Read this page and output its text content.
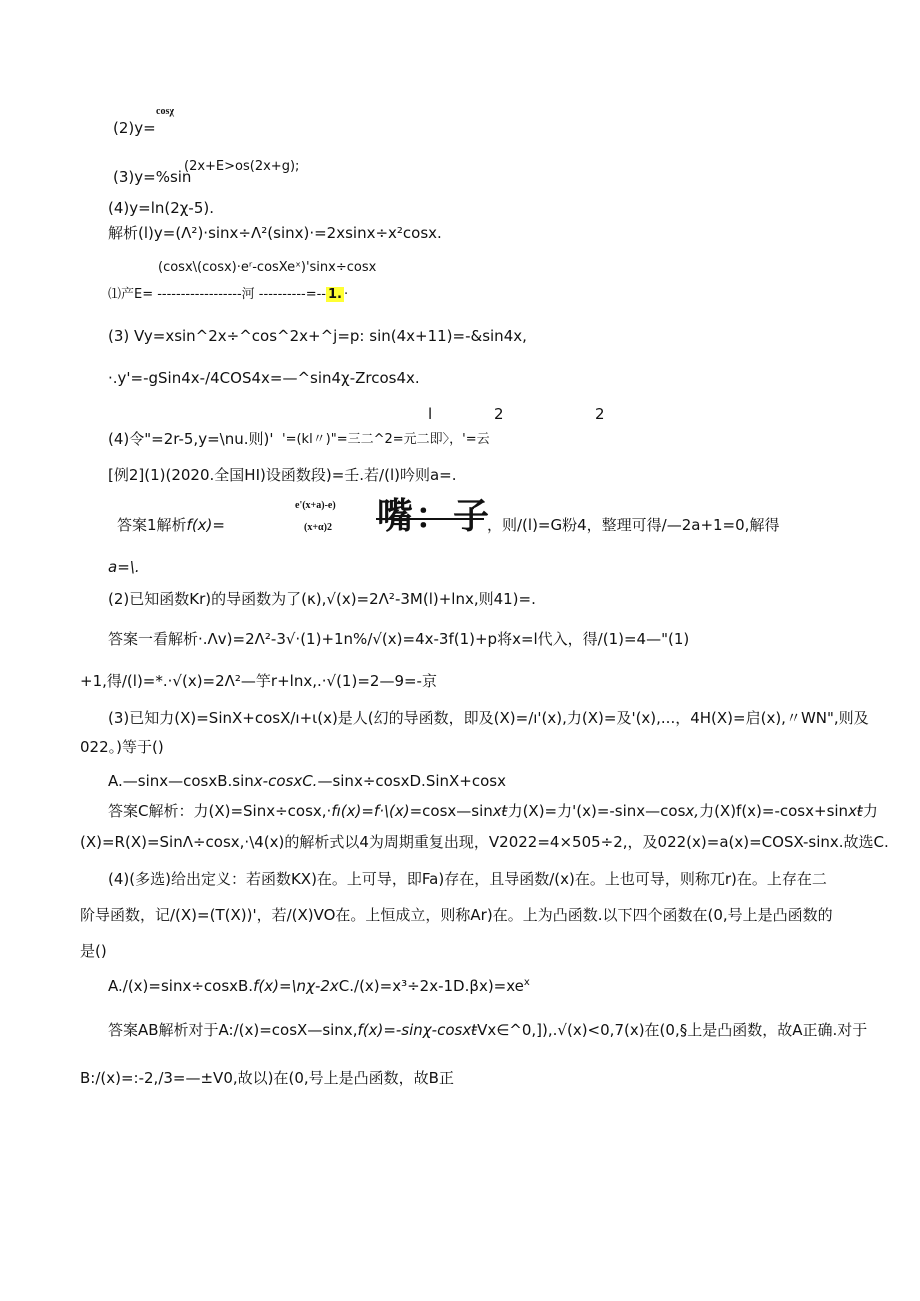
(2)y=
cosχ
(3)y=%sin
(2x+E>os(2x+g);
(4)y=ln(2χ-5).
解析(l)y=(Λ²)·sinx÷Λ²(sinx)·=2xsinx÷x²cosx.
(cosx\(cosx)·eʳ-cosXeˣ)'sinx÷cosx
⑴产E= ------------------河 ----------=-- 1. ·
(3) Vy=xsin^2x÷^cos^2x+^j=p: sin(4x+11)=-&sin4x,
·.y'=-gSin4x-/4COS4x=—^sin4χ-Zrcos4x.
l	2	2
(4)令"=2r-5,y=\nu.则)' '=(kl〃)"=三二^2=元二即〉，'=云
[例2](1)(2020.全国HI)设函数段)=壬.若/(l)吟则a=.
答案1解析f(x)=
e'(x+a)-e)
(x+α)2 嘴：子
，则/(l)=G粉4，整理可得/—2a+1=0,解得
a=\.
(2)已知函数Kr)的导函数为了(κ),√(x)=2Λ²-3M(l)+lnx,则41)=.
答案一看解析·.Λv)=2Λ²-3√·(1)+1n%/√(x)=4x-3f(1)+p将x=l代入，得/(1)=4—"(1)
+1,得/(l)=*.·√(x)=2Λ²—竽r+lnx,.·√(1)=2—9=-京
(3)已知力(X)=SinX+cosX/ı+ι(x)是人(幻的导函数，即及(X)=/ı'(x),力(X)=及'(x),...，4H(X)=启(x),〃WN",则及
022。)等于()
A.—sinx—cosxB.sinx-cosxC.—sinx÷cosxD.SinX+cosx
答案C解析：力(X)=Sinx÷cosx,·fı(x)=f·\(x)=cosx—sinxŧ力(X)=力'(x)=-sinx—cosx,力(X)f(x)=-cosx+sinxŧ力
(X)=R(X)=SinΛ÷cosx,·\4(x)的解析式以4为周期重复出现，V2022=4×505÷2,，及022(x)=a(x)=COSX-sinx.故选C.
(4)(多选)给出定义：若函数KX)在。上可导，即Fa)存在，且导函数/(x)在。上也可导，则称兀r)在。上存在二
阶导函数，记/(X)=(T(X))'，若/(X)VO在。上恒成立，则称Ar)在。上为凸函数.以下四个函数在(0,号上是凸函数的
是()
$A./(x)=\sin x\div cosxB.f(x)=\backslash n\chi-2xC./(x)=x^3\div 2x-1D.\beta x)=xe^x$
答案AB解析对于A:/(x)=cosX—sinx,f(x)=-sinχ-cosxŧVx∈^0,]),.√(x)<0,7(x)在(0,§上是凸函数，故A正确.对于
B:/(x)=:-2,/3=—±V0,故以)在(0,号上是凸函数，故B正
